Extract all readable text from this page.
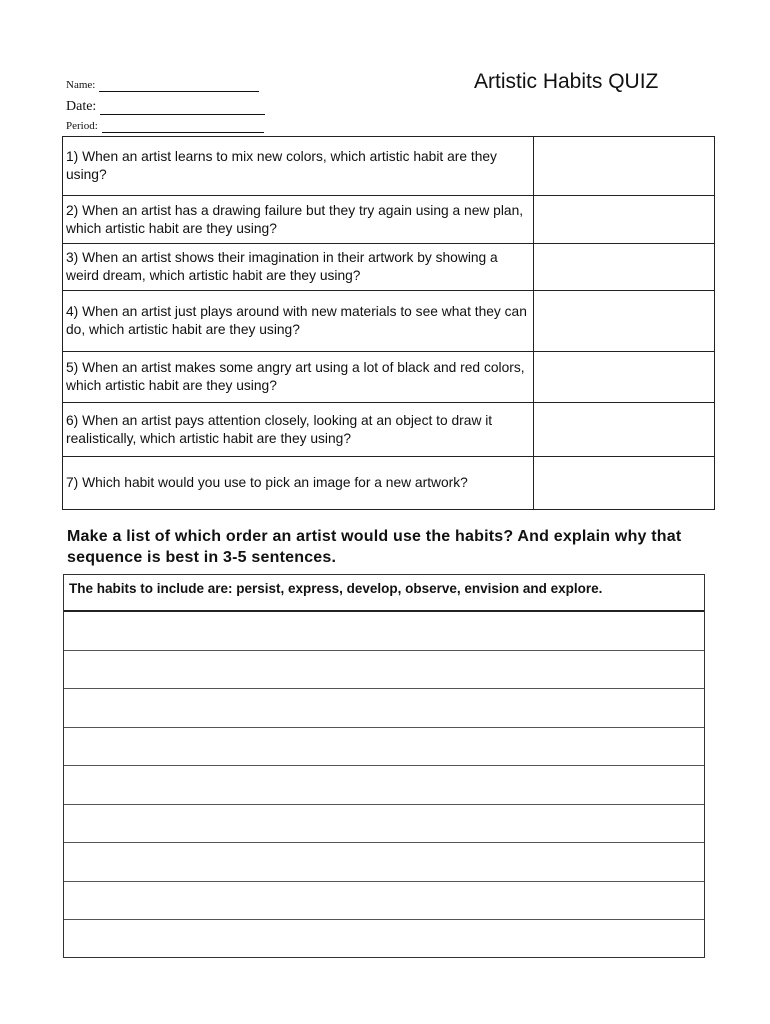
Name:
Date:
Period:
Artistic Habits QUIZ
1) When an artist learns to mix new colors, which artistic habit are they using?	
2) When an artist has a drawing failure but they try again using a new plan, which artistic habit are they using?	
3) When an artist shows their imagination in their artwork by showing a weird dream, which artistic habit are they using?	
4) When an artist just plays around with new materials to see what they can do, which artistic habit are they using?	
5) When an artist makes some angry art using a lot of black and red colors, which artistic habit are they using?	
6) When an artist pays attention closely, looking at an object to draw it realistically, which artistic habit are they using?	
7) Which habit would you use to pick an image for a new artwork?	
Make a list of which order an artist would use the habits? And explain why that sequence is best in 3-5 sentences.
The habits to include are: persist, express, develop, observe, envision and explore.
